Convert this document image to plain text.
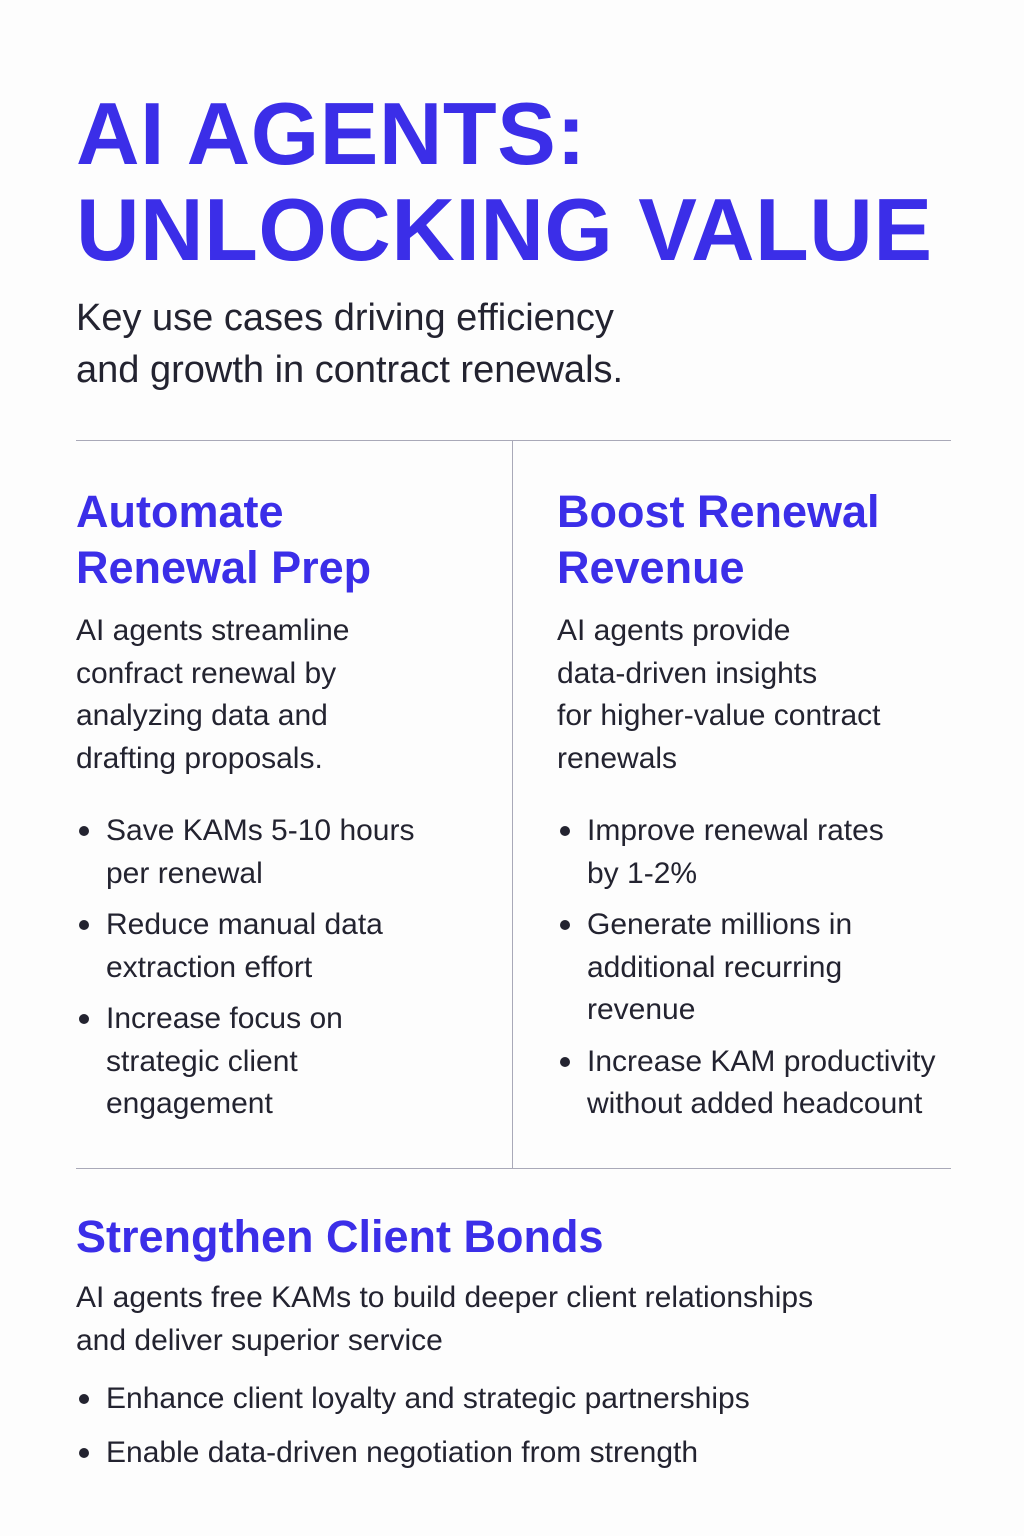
AI AGENTS:
UNLOCKING VALUE

Key use cases driving efficiency
and growth in contract renewals.

Automate
Renewal Prep

AI agents streamline
confract renewal by
analyzing data and
drafting proposals.

Save KAMs 5-10 hours
per renewal
Reduce manual data
extraction effort
Increase focus on
strategic client
engagement
Boost Renewal
Revenue

AI agents provide
data-driven insights
for higher-value contract
renewals

Improve renewal rates
by 1-2%
Generate millions in
additional recurring
revenue
Increase KAM productivity
without added headcount
Strengthen Client Bonds

AI agents free KAMs to build deeper client relationships
and deliver superior service

Enhance client loyalty and strategic partnerships
Enable data-driven negotiation from strength
